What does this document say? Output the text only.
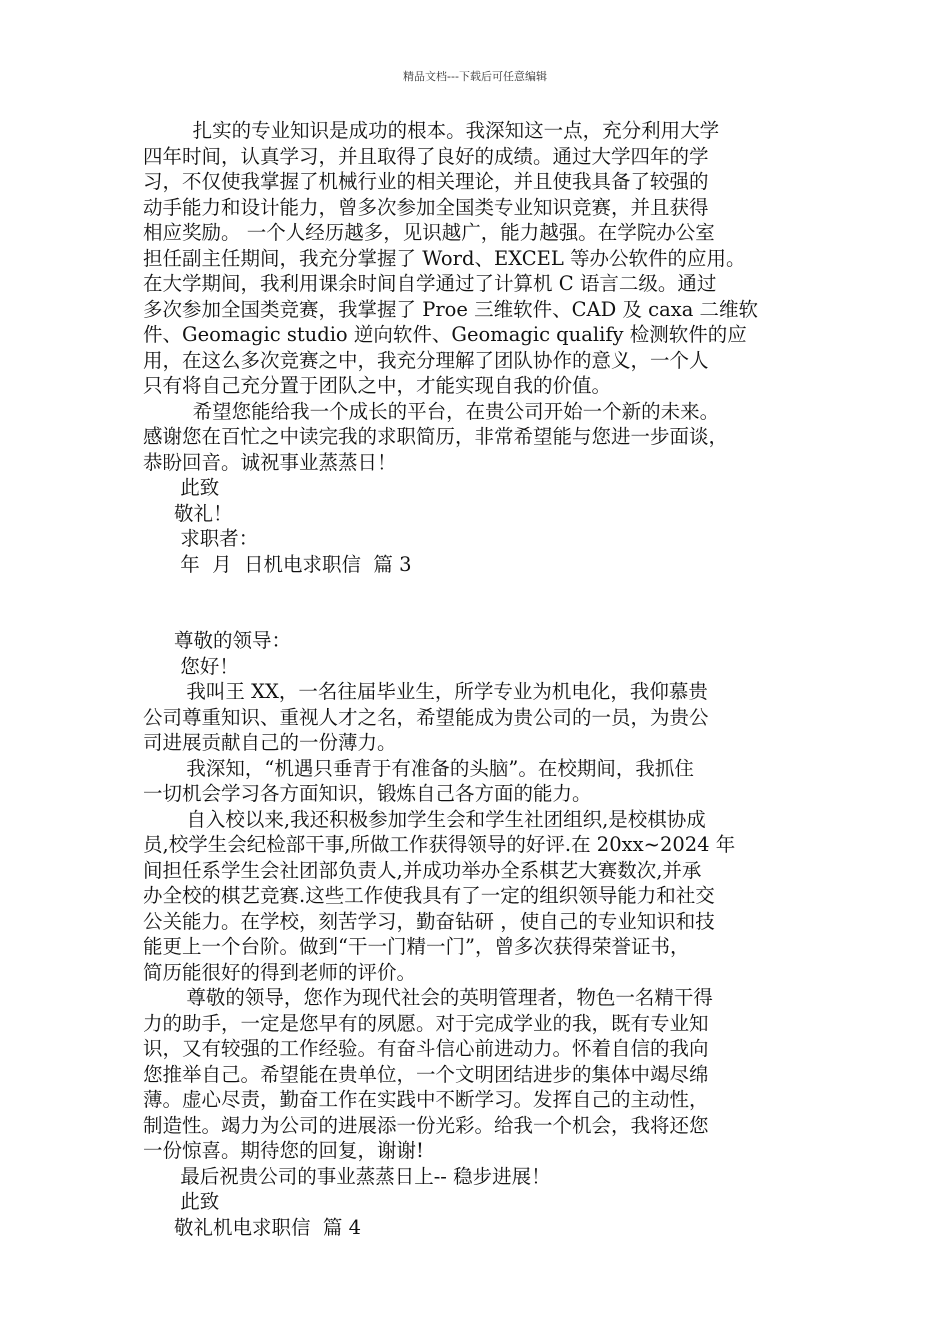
精品文档---下载后可任意编辑
扎实的专业知识是成功的根本。我深知这一点，充分利用大学
四年时间，认真学习，并且取得了良好的成绩。通过大学四年的学
习，不仅使我掌握了机械行业的相关理论，并且使我具备了较强的
动手能力和设计能力，曾多次参加全国类专业知识竞赛，并且获得
相应奖励。 一个人经历越多，见识越广，能力越强。在学院办公室
担任副主任期间，我充分掌握了 Word、EXCEL 等办公软件的应用。
在大学期间，我利用课余时间自学通过了计算机 C 语言二级。通过
多次参加全国类竞赛，我掌握了 Proe 三维软件、CAD 及 caxa 二维软
件、Geomagic studio 逆向软件、Geomagic qualify 检测软件的应
用，在这么多次竞赛之中，我充分理解了团队协作的意义，一个人
只有将自己充分置于团队之中，才能实现自我的价值。
希望您能给我一个成长的平台，在贵公司开始一个新的未来。
感谢您在百忙之中读完我的求职简历，非常希望能与您进一步面谈，
恭盼回音。诚祝事业蒸蒸日！
此致
敬礼！
求职者：
年  月  日机电求职信  篇 3
尊敬的领导：
您好！
我叫王 XX，一名往届毕业生，所学专业为机电化，我仰慕贵
公司尊重知识、重视人才之名，希望能成为贵公司的一员，为贵公
司进展贡献自己的一份薄力。
我深知，“机遇只垂青于有准备的头脑”。在校期间，我抓住
一切机会学习各方面知识，锻炼自己各方面的能力。
自入校以来,我还积极参加学生会和学生社团组织,是校棋协成
员,校学生会纪检部干事,所做工作获得领导的好评.在 20xx~2024 年
间担任系学生会社团部负责人,并成功举办全系棋艺大赛数次,并承
办全校的棋艺竞赛.这些工作使我具有了一定的组织领导能力和社交
公关能力。在学校，刻苦学习，勤奋钻研 ，使自己的专业知识和技
能更上一个台阶。做到“干一门精一门”，曾多次获得荣誉证书，
简历能很好的得到老师的评价。
尊敬的领导，您作为现代社会的英明管理者，物色一名精干得
力的助手，一定是您早有的夙愿。对于完成学业的我，既有专业知
识，又有较强的工作经验。有奋斗信心前进动力。怀着自信的我向
您推举自己。希望能在贵单位，一个文明团结进步的集体中竭尽绵
薄。虚心尽责，勤奋工作在实践中不断学习。发挥自己的主动性，
制造性。竭力为公司的进展添一份光彩。给我一个机会，我将还您
一份惊喜。期待您的回复，谢谢!
最后祝贵公司的事业蒸蒸日上-- 稳步进展！
此致
敬礼机电求职信  篇 4
